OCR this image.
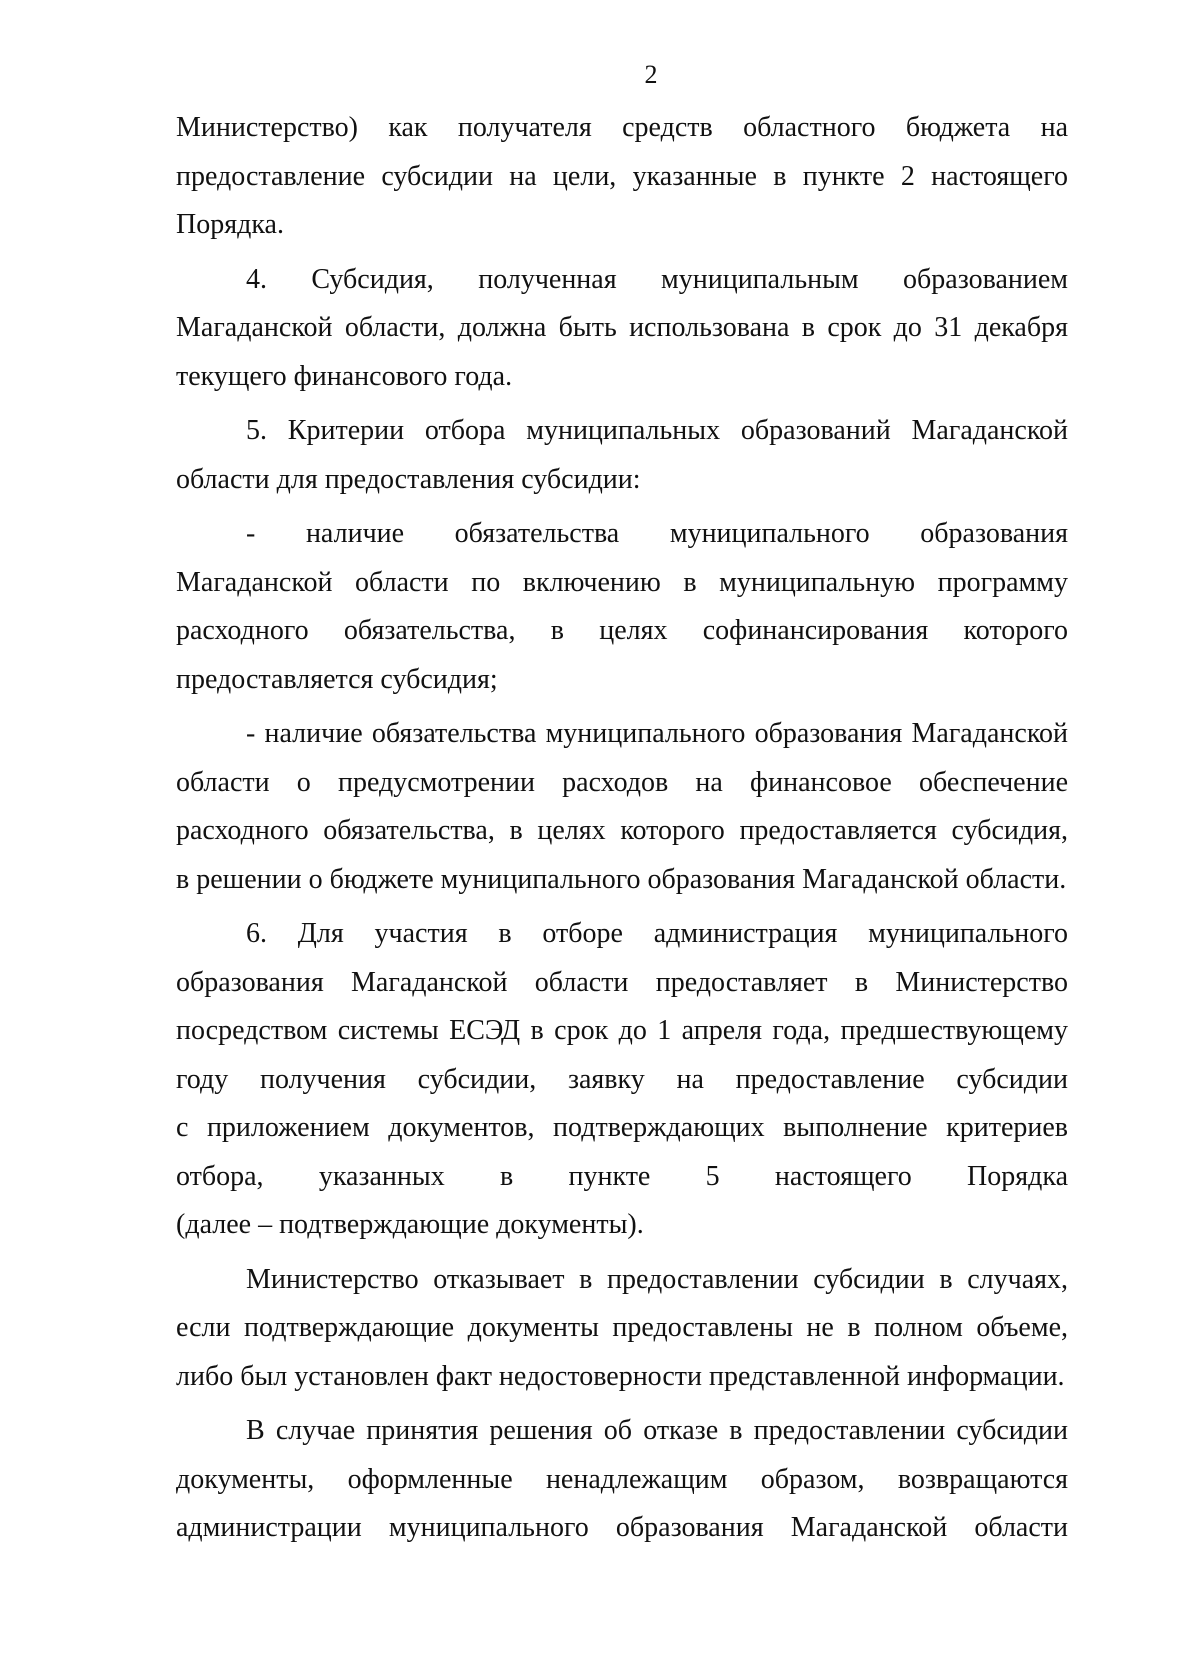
2
Министерство) как получателя средств областного бюджета на
предоставление субсидии на цели, указанные в пункте 2 настоящего
Порядка.
4. Субсидия, полученная муниципальным образованием
Магаданской области, должна быть использована в срок до 31 декабря
текущего финансового года.
5. Критерии отбора муниципальных образований Магаданской
области для предоставления субсидии:
- наличие обязательства муниципального образования
Магаданской области по включению в муниципальную программу
расходного обязательства, в целях софинансирования которого
предоставляется субсидия;
- наличие обязательства муниципального образования Магаданской
области о предусмотрении расходов на финансовое обеспечение
расходного обязательства, в целях которого предоставляется субсидия,
в решении о бюджете муниципального образования Магаданской области.
6. Для участия в отборе администрация муниципального
образования Магаданской области предоставляет в Министерство
посредством системы ЕСЭД в срок до 1 апреля года, предшествующему
году получения субсидии, заявку на предоставление субсидии
с приложением документов, подтверждающих выполнение критериев
отбора, указанных в пункте 5 настоящего Порядка
(далее – подтверждающие документы).
Министерство отказывает в предоставлении субсидии в случаях,
если подтверждающие документы предоставлены не в полном объеме,
либо был установлен факт недостоверности представленной информации.
В случае принятия решения об отказе в предоставлении субсидии
документы, оформленные ненадлежащим образом, возвращаются
администрации муниципального образования Магаданской области
